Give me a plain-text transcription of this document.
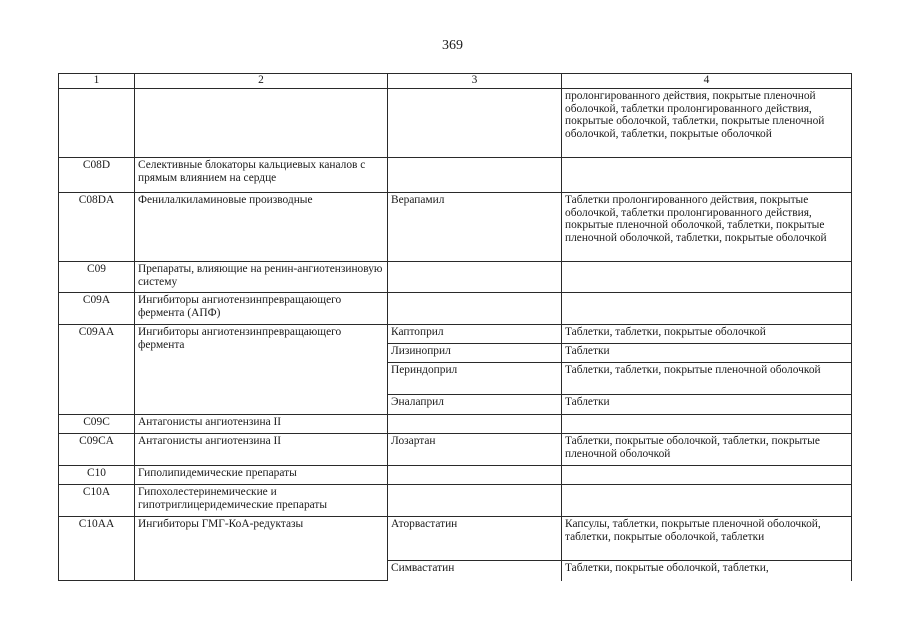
369
1	2	3	4
			пролонгированного действия, покрытые пленочной оболочкой, таблетки пролонгированного действия, покрытые оболочкой, таблетки, покрытые пленочной оболочкой, таблетки, покрытые оболочкой
C08D	Селективные блокаторы кальциевых каналов с прямым влиянием на сердце		
C08DA	Фенилалкиламиновые производные	Верапамил	Таблетки пролонгированного действия, покрытые оболочкой, таблетки пролонгированного действия, покрытые пленочной оболочкой, таблетки, покрытые пленочной оболочкой, таблетки, покрытые оболочкой
C09	Препараты, влияющие на ренин-ангиотензиновую систему		
C09A	Ингибиторы ангиотензинпревращающего фермента (АПФ)		
C09AA	Ингибиторы ангиотензинпревращающего фермента	Каптоприл	Таблетки, таблетки, покрытые оболочкой
		Лизиноприл	Таблетки
		Периндоприл	Таблетки, таблетки, покрытые пленочной оболочкой
		Эналаприл	Таблетки
C09C	Антагонисты ангиотензина II		
C09CA	Антагонисты ангиотензина II	Лозартан	Таблетки, покрытые оболочкой, таблетки, покрытые пленочной оболочкой
C10	Гиполипидемические препараты		
C10A	Гипохолестеринемические и гипотриглицеридемические препараты		
C10AA	Ингибиторы ГМГ-КоА-редуктазы	Аторвастатин	Капсулы, таблетки, покрытые пленочной оболочкой, таблетки, покрытые оболочкой, таблетки
		Симвастатин	Таблетки, покрытые оболочкой, таблетки,
